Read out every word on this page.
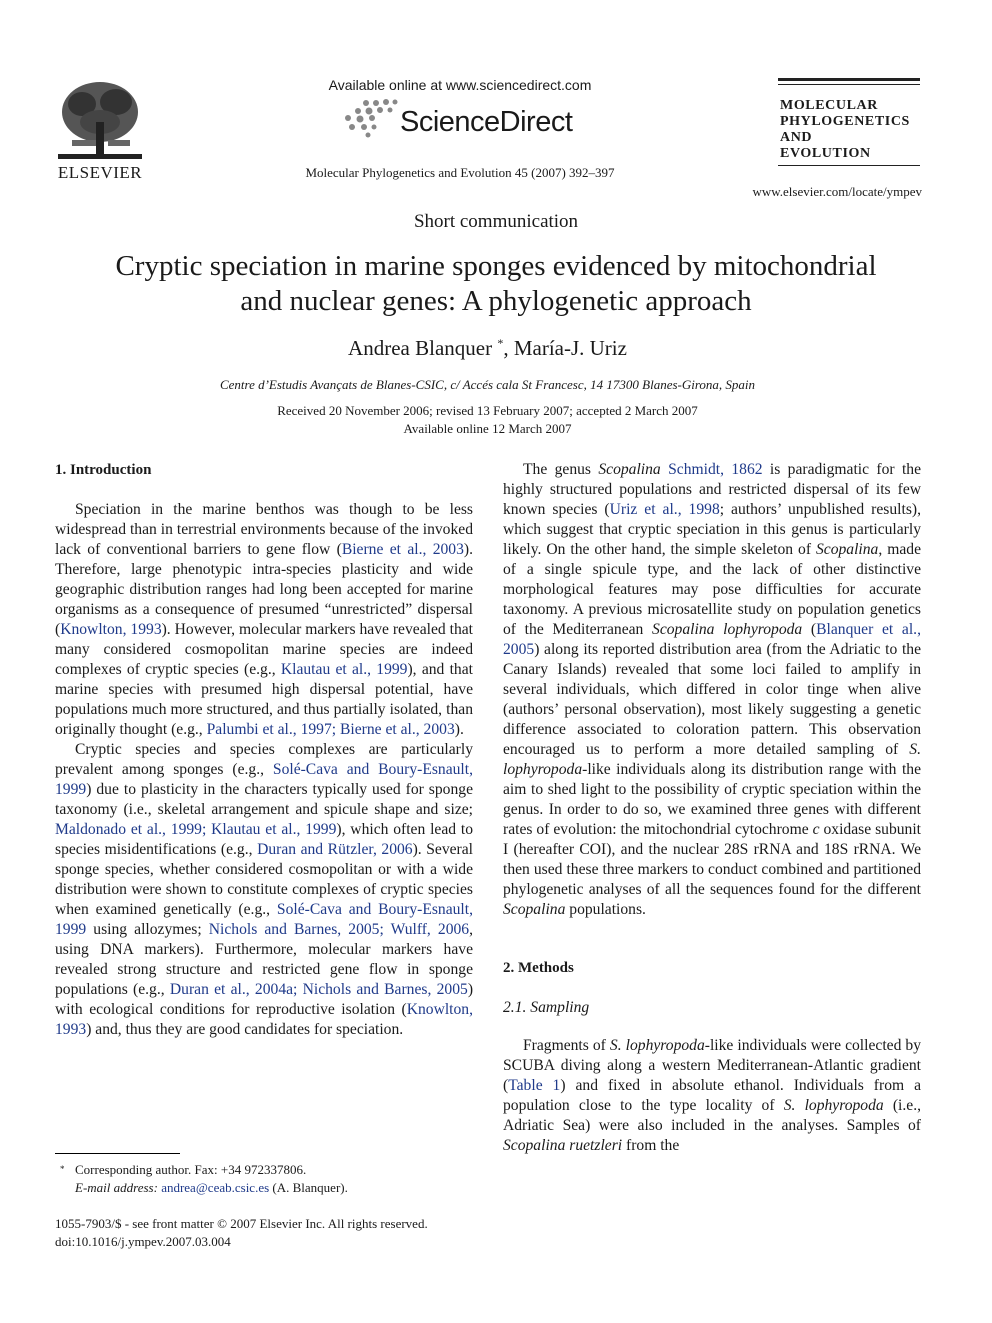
ELSEVIER
Available online at www.sciencedirect.com
ScienceDirect
Molecular Phylogenetics and Evolution 45 (2007) 392–397
MOLECULAR
PHYLOGENETICS
AND
EVOLUTION
www.elsevier.com/locate/ympev
Short communication
Cryptic speciation in marine sponges evidenced by mitochondrial
and nuclear genes: A phylogenetic approach
Andrea Blanquer *, María-J. Uriz
Centre d’Estudis Avançats de Blanes-CSIC, c/ Accés cala St Francesc, 14 17300 Blanes-Girona, Spain
Received 20 November 2006; revised 13 February 2007; accepted 2 March 2007
Available online 12 March 2007
1. Introduction

Speciation in the marine benthos was though to be less widespread than in terrestrial environments because of the invoked lack of conventional barriers to gene flow (Bierne et al., 2003). Therefore, large phenotypic intra-species plasticity and wide geographic distribution ranges had long been accepted for marine organisms as a consequence of presumed “unrestricted” dispersal (Knowlton, 1993). However, molecular markers have revealed that many considered cosmopolitan marine species are indeed complexes of cryptic species (e.g., Klautau et al., 1999), and that marine species with presumed high dispersal potential, have populations much more structured, and thus partially isolated, than originally thought (e.g., Palumbi et al., 1997; Bierne et al., 2003).

Cryptic species and species complexes are particularly prevalent among sponges (e.g., Solé-Cava and Boury-Esnault, 1999) due to plasticity in the characters typically used for sponge taxonomy (i.e., skeletal arrangement and spicule shape and size; Maldonado et al., 1999; Klautau et al., 1999), which often lead to species misidentifications (e.g., Duran and Rützler, 2006). Several sponge species, whether considered cosmopolitan or with a wide distribution were shown to constitute complexes of cryptic species when examined genetically (e.g., Solé-Cava and Boury-Esnault, 1999 using allozymes; Nichols and Barnes, 2005; Wulff, 2006, using DNA markers). Furthermore, molecular markers have revealed strong structure and restricted gene flow in sponge populations (e.g., Duran et al., 2004a; Nichols and Barnes, 2005) with ecological conditions for reproductive isolation (Knowlton, 1993) and, thus they are good candidates for speciation.

The genus Scopalina Schmidt, 1862 is paradigmatic for the highly structured populations and restricted dispersal of its few known species (Uriz et al., 1998; authors’ unpublished results), which suggest that cryptic speciation in this genus is particularly likely. On the other hand, the simple skeleton of Scopalina, made of a single spicule type, and the lack of other distinctive morphological features may pose difficulties for accurate taxonomy. A previous microsatellite study on population genetics of the Mediterranean Scopalina lophyropoda (Blanquer et al., 2005) along its reported distribution area (from the Adriatic to the Canary Islands) revealed that some loci failed to amplify in several individuals, which differed in color tinge when alive (authors’ personal observation), most likely suggesting a genetic difference associated to coloration pattern. This observation encouraged us to perform a more detailed sampling of S. lophyropoda-like individuals along its distribution range with the aim to shed light to the possibility of cryptic speciation within the genus. In order to do so, we examined three genes with different rates of evolution: the mitochondrial cytochrome c oxidase subunit I (hereafter COI), and the nuclear 28S rRNA and 18S rRNA. We then used these three markers to conduct combined and partitioned phylogenetic analyses of all the sequences found for the different Scopalina populations.

2. Methods
2.1. Sampling

Fragments of S. lophyropoda-like individuals were collected by SCUBA diving along a western Mediterranean-Atlantic gradient (Table 1) and fixed in absolute ethanol. Individuals from a population close to the type locality of S. lophyropoda (i.e., Adriatic Sea) were also included in the analyses. Samples of Scopalina ruetzleri from the

* Corresponding author. Fax: +34 972337806.
E-mail address: andrea@ceab.csic.es (A. Blanquer).
1055-7903/$ - see front matter © 2007 Elsevier Inc. All rights reserved.
doi:10.1016/j.ympev.2007.03.004
